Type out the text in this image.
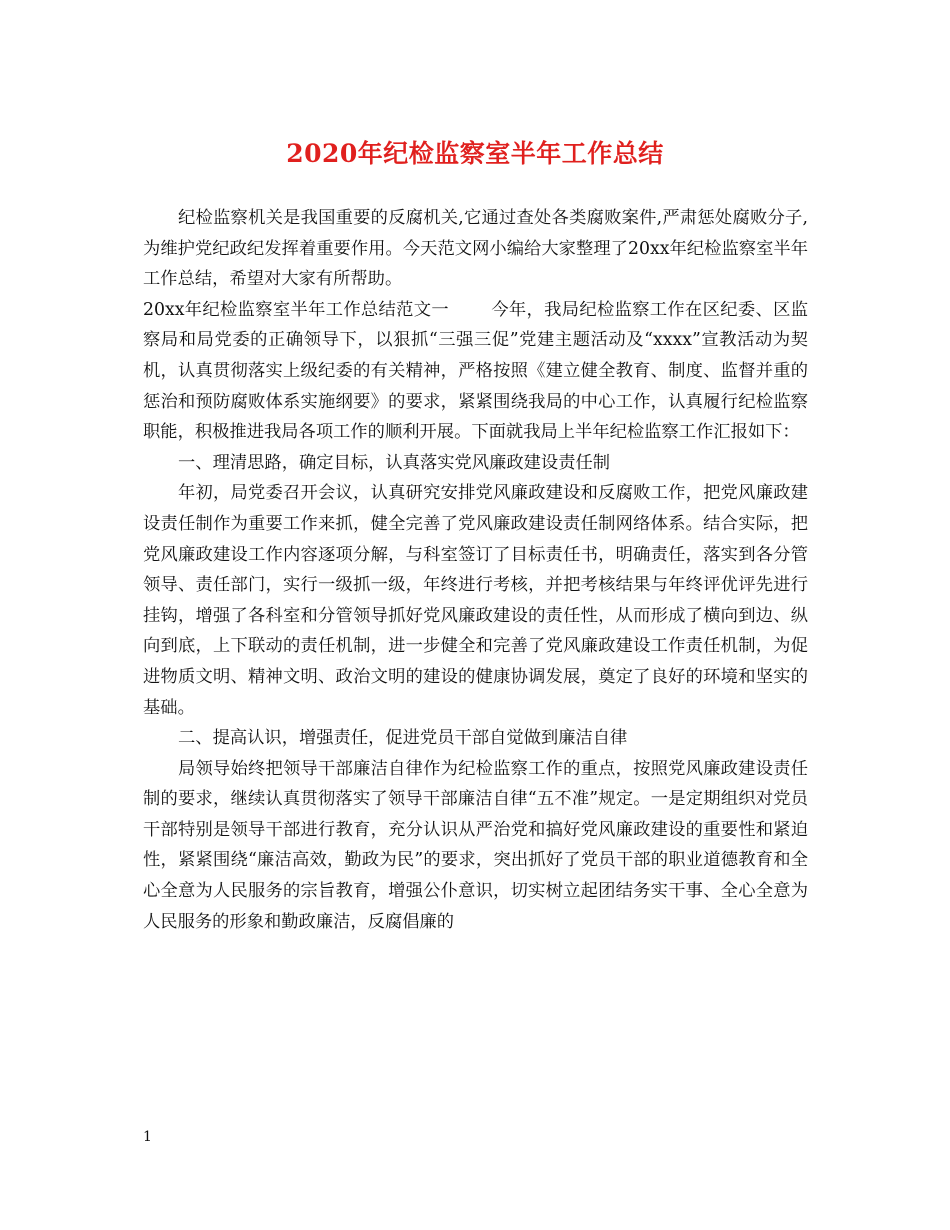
2020年纪检监察室半年工作总结

纪检监察机关是我国重要的反腐机关,它通过查处各类腐败案件,严肃惩处腐败分子,为维护党纪政纪发挥着重要作用。今天范文网小编给大家整理了20xx年纪检监察室半年工作总结，希望对大家有所帮助。

20xx年纪检监察室半年工作总结范文一 今年，我局纪检监察工作在区纪委、区监察局和局党委的正确领导下，以狠抓“三强三促”党建主题活动及“xxxx”宣教活动为契机，认真贯彻落实上级纪委的有关精神，严格按照《建立健全教育、制度、监督并重的惩治和预防腐败体系实施纲要》的要求，紧紧围绕我局的中心工作，认真履行纪检监察职能，积极推进我局各项工作的顺利开展。下面就我局上半年纪检监察工作汇报如下：

一、理清思路，确定目标，认真落实党风廉政建设责任制

年初，局党委召开会议，认真研究安排党风廉政建设和反腐败工作，把党风廉政建设责任制作为重要工作来抓，健全完善了党风廉政建设责任制网络体系。结合实际，把党风廉政建设工作内容逐项分解，与科室签订了目标责任书，明确责任，落实到各分管领导、责任部门，实行一级抓一级，年终进行考核，并把考核结果与年终评优评先进行挂钩，增强了各科室和分管领导抓好党风廉政建设的责任性，从而形成了横向到边、纵向到底，上下联动的责任机制，进一步健全和完善了党风廉政建设工作责任机制，为促进物质文明、精神文明、政治文明的建设的健康协调发展，奠定了良好的环境和坚实的基础。

二、提高认识，增强责任，促进党员干部自觉做到廉洁自律

局领导始终把领导干部廉洁自律作为纪检监察工作的重点，按照党风廉政建设责任制的要求，继续认真贯彻落实了领导干部廉洁自律“五不准”规定。一是定期组织对党员干部特别是领导干部进行教育，充分认识从严治党和搞好党风廉政建设的重要性和紧迫性，紧紧围绕“廉洁高效，勤政为民”的要求，突出抓好了党员干部的职业道德教育和全心全意为人民服务的宗旨教育，增强公仆意识，切实树立起团结务实干事、全心全意为人民服务的形象和勤政廉洁，反腐倡廉的

1
